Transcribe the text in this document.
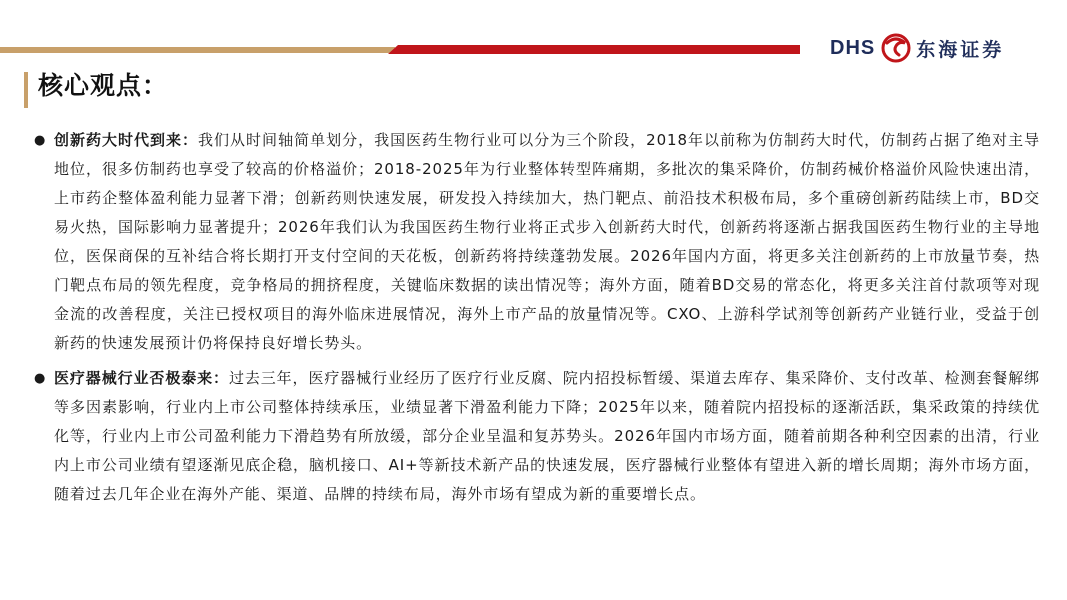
DHS 东海证券
核心观点：
● 创新药大时代到来：我们从时间轴简单划分，我国医药生物行业可以分为三个阶段，2018年以前称为仿制药大时代，仿制药占据了绝对主导地位，很多仿制药也享受了较高的价格溢价；2018-2025年为行业整体转型阵痛期，多批次的集采降价，仿制药械价格溢价风险快速出清，上市药企整体盈利能力显著下滑；创新药则快速发展，研发投入持续加大，热门靶点、前沿技术积极布局，多个重磅创新药陆续上市，BD交易火热，国际影响力显著提升；2026年我们认为我国医药生物行业将正式步入创新药大时代，创新药将逐渐占据我国医药生物行业的主导地位，医保商保的互补结合将长期打开支付空间的天花板，创新药将持续蓬勃发展。2026年国内方面，将更多关注创新药的上市放量节奏，热门靶点布局的领先程度，竞争格局的拥挤程度，关键临床数据的读出情况等；海外方面，随着BD交易的常态化，将更多关注首付款项等对现金流的改善程度，关注已授权项目的海外临床进展情况，海外上市产品的放量情况等。CXO、上游科学试剂等创新药产业链行业，受益于创新药的快速发展预计仍将保持良好增长势头。
● 医疗器械行业否极泰来：过去三年，医疗器械行业经历了医疗行业反腐、院内招投标暂缓、渠道去库存、集采降价、支付改革、检测套餐解绑等多因素影响，行业内上市公司整体持续承压，业绩显著下滑盈利能力下降；2025年以来，随着院内招投标的逐渐活跃，集采政策的持续优化等，行业内上市公司盈利能力下滑趋势有所放缓，部分企业呈温和复苏势头。2026年国内市场方面，随着前期各种利空因素的出清，行业内上市公司业绩有望逐渐见底企稳，脑机接口、AI+等新技术新产品的快速发展，医疗器械行业整体有望进入新的增长周期；海外市场方面，随着过去几年企业在海外产能、渠道、品牌的持续布局，海外市场有望成为新的重要增长点。
